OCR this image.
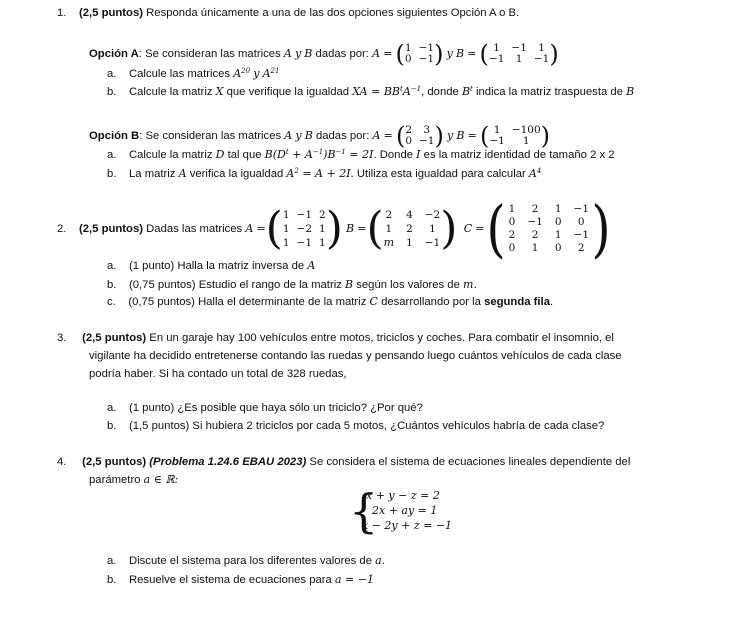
1. (2,5 puntos) Responda únicamente a una de las dos opciones siguientes Opción A o B.
Opción A: Se consideran las matrices A y B dadas por: A = ( 1 −1
0 −1 ) y B = ( 1	−1	1
−1	1	−1 )
a. Calcule las matrices $A^{20}$ y $A^{21}$
b. Calcule la matriz X que verifique la igualdad XA = $BB^tA^{-1}$, donde $B^t$ indica la matriz traspuesta de B
Opción B: Se consideran las matrices A y B dadas por: A = ( 2	3
0 −1 ) y B = ( 1	−100
−1	1 )
a. Calcule la matriz D tal que $B(D^t + A^{-1})B^{-1} = 2I$. Donde I es la matriz identidad de tamaño 2 x 2
b. La matriz A verifica la igualdad $A^2 = A + 2I$. Utiliza esta igualdad para calcular $A^4$
2.
(2,5 puntos)
Dadas las matrices
A
= ( 1 −1 2
1 −2 1
1 −1 1 )
B
= ( 2 4 −2
1 2	1
m 1 −1 )
C
= ( 1	2	1 −1
0 −1 0	0
2	2	1 −1
0	1	0	2 )
a. (1 punto) Halla la matriz inversa de A
b. (0,75 puntos) Estudio el rango de la matriz B según los valores de m.
c. (0,75 puntos) Halla el determinante de la matriz C desarrollando por la segunda fila.
3. (2,5 puntos) En un garaje hay 100 vehículos entre motos, triciclos y coches. Para combatir el insomnio, el
vigilante ha decidido entretenerse contando las ruedas y pensando luego cuántos vehículos de cada clase
podría haber. Si ha contado un total de 328 ruedas,
a. (1 punto) ¿Es posible que haya sólo un triciclo? ¿Por qué?
b. (1,5 puntos) Si hubiera 2 triciclos por cada 5 motos, ¿Cuántos vehículos habría de cada clase?
4. (2,5 puntos) (Problema 1.24.6 EBAU 2023) Se considera el sistema de ecuaciones lineales dependiente del
parámetro a ∈ ℝ:
{
x + y − z = 2
2x + ay = 1
x − 2y + z = −1
a. Discute el sistema para los diferentes valores de a.
b. Resuelve el sistema de ecuaciones para a = −1
